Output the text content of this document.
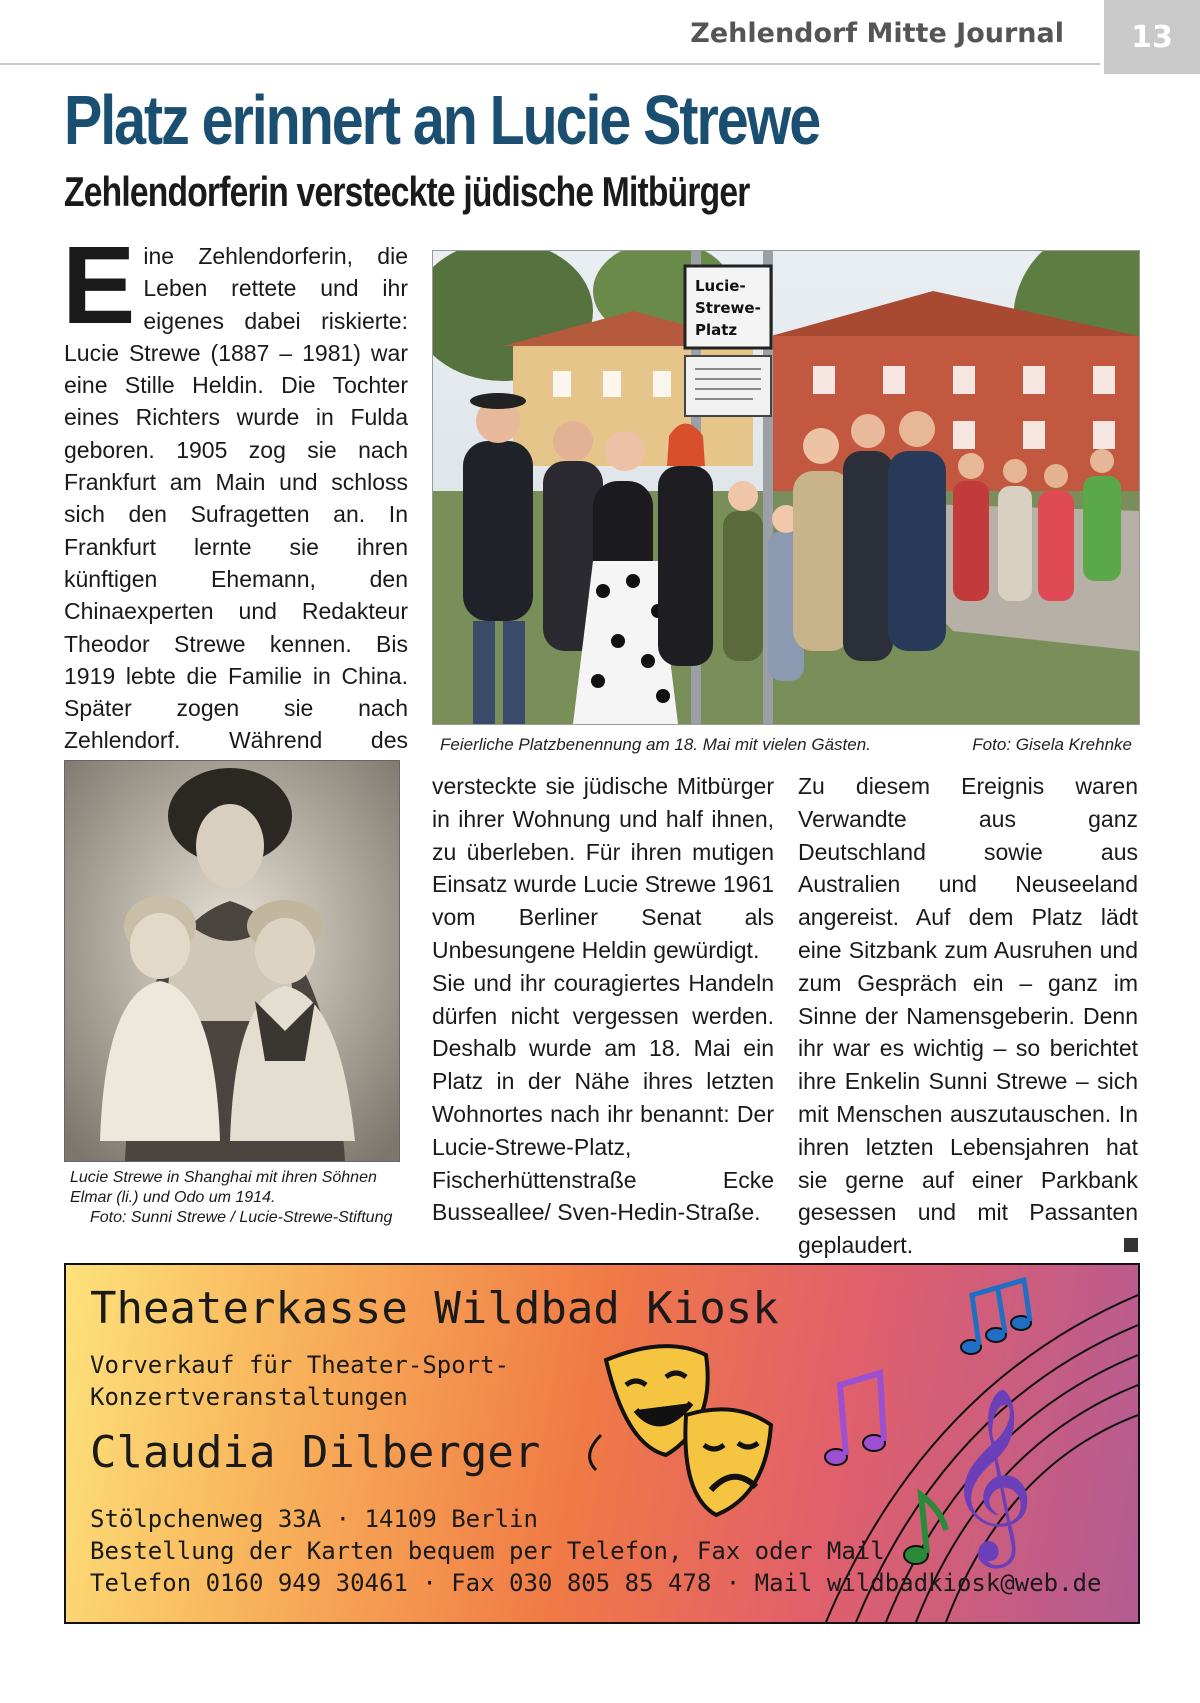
Zehlendorf Mitte Journal	13
Platz erinnert an Lucie Strewe
Zehlendorferin versteckte jüdische Mitbürger
Eine Zehlendorferin, die Leben rettete und ihr eigenes dabei riskierte: Lucie Strewe (1887 – 1981) war eine Stille Heldin. Die Tochter eines Richters wurde in Fulda geboren. 1905 zog sie nach Frankfurt am Main und schloss sich den Sufragetten an. In Frankfurt lernte sie ihren künftigen Ehemann, den Chinaexperten und Redakteur Theodor Strewe kennen. Bis 1919 lebte die Familie in China. Später zogen sie nach Zehlendorf. Während des
Lucie-
Strewe-
Platz
Feierliche Platzbenennung am 18. Mai mit vielen Gästen.	Foto: Gisela Krehnke
Lucie Strewe in Shanghai mit ihren Söhnen Elmar (li.) und Odo um 1914.
Foto: Sunni Strewe / Lucie-Strewe-Stiftung
versteckte sie jüdische Mitbürger in ihrer Wohnung und half ihnen, zu überleben. Für ihren mutigen Einsatz wurde Lucie Strewe 1961 vom Berliner Senat als Unbesungene Heldin gewürdigt.
Sie und ihr couragiertes Handeln dürfen nicht vergessen werden. Deshalb wurde am 18. Mai ein Platz in der Nähe ihres letzten Wohnortes nach ihr benannt: Der Lucie-Strewe-Platz, Fischerhüttenstraße Ecke Busseallee/ Sven-Hedin-Straße.
Zu diesem Ereignis waren Verwandte aus ganz Deutschland sowie aus Australien und Neuseeland angereist. Auf dem Platz lädt eine Sitzbank zum Ausruhen und zum Gespräch ein – ganz im Sinne der Namensgeberin. Denn ihr war es wichtig – so berichtet ihre Enkelin Sunni Strewe – sich mit Menschen auszutauschen. In ihren letzten Lebensjahren hat sie gerne auf einer Parkbank gesessen und mit Passanten geplaudert.
𝄞
Theaterkasse Wildbad Kiosk
Vorverkauf für Theater-Sport-Konzertveranstaltungen
Claudia Dilberger
Stölpchenweg 33A · 14109 Berlin
Bestellung der Karten bequem per Telefon, Fax oder Mail
Telefon 0160 949 30461 · Fax 030 805 85 478 · Mail wildbadkiosk@web.de
